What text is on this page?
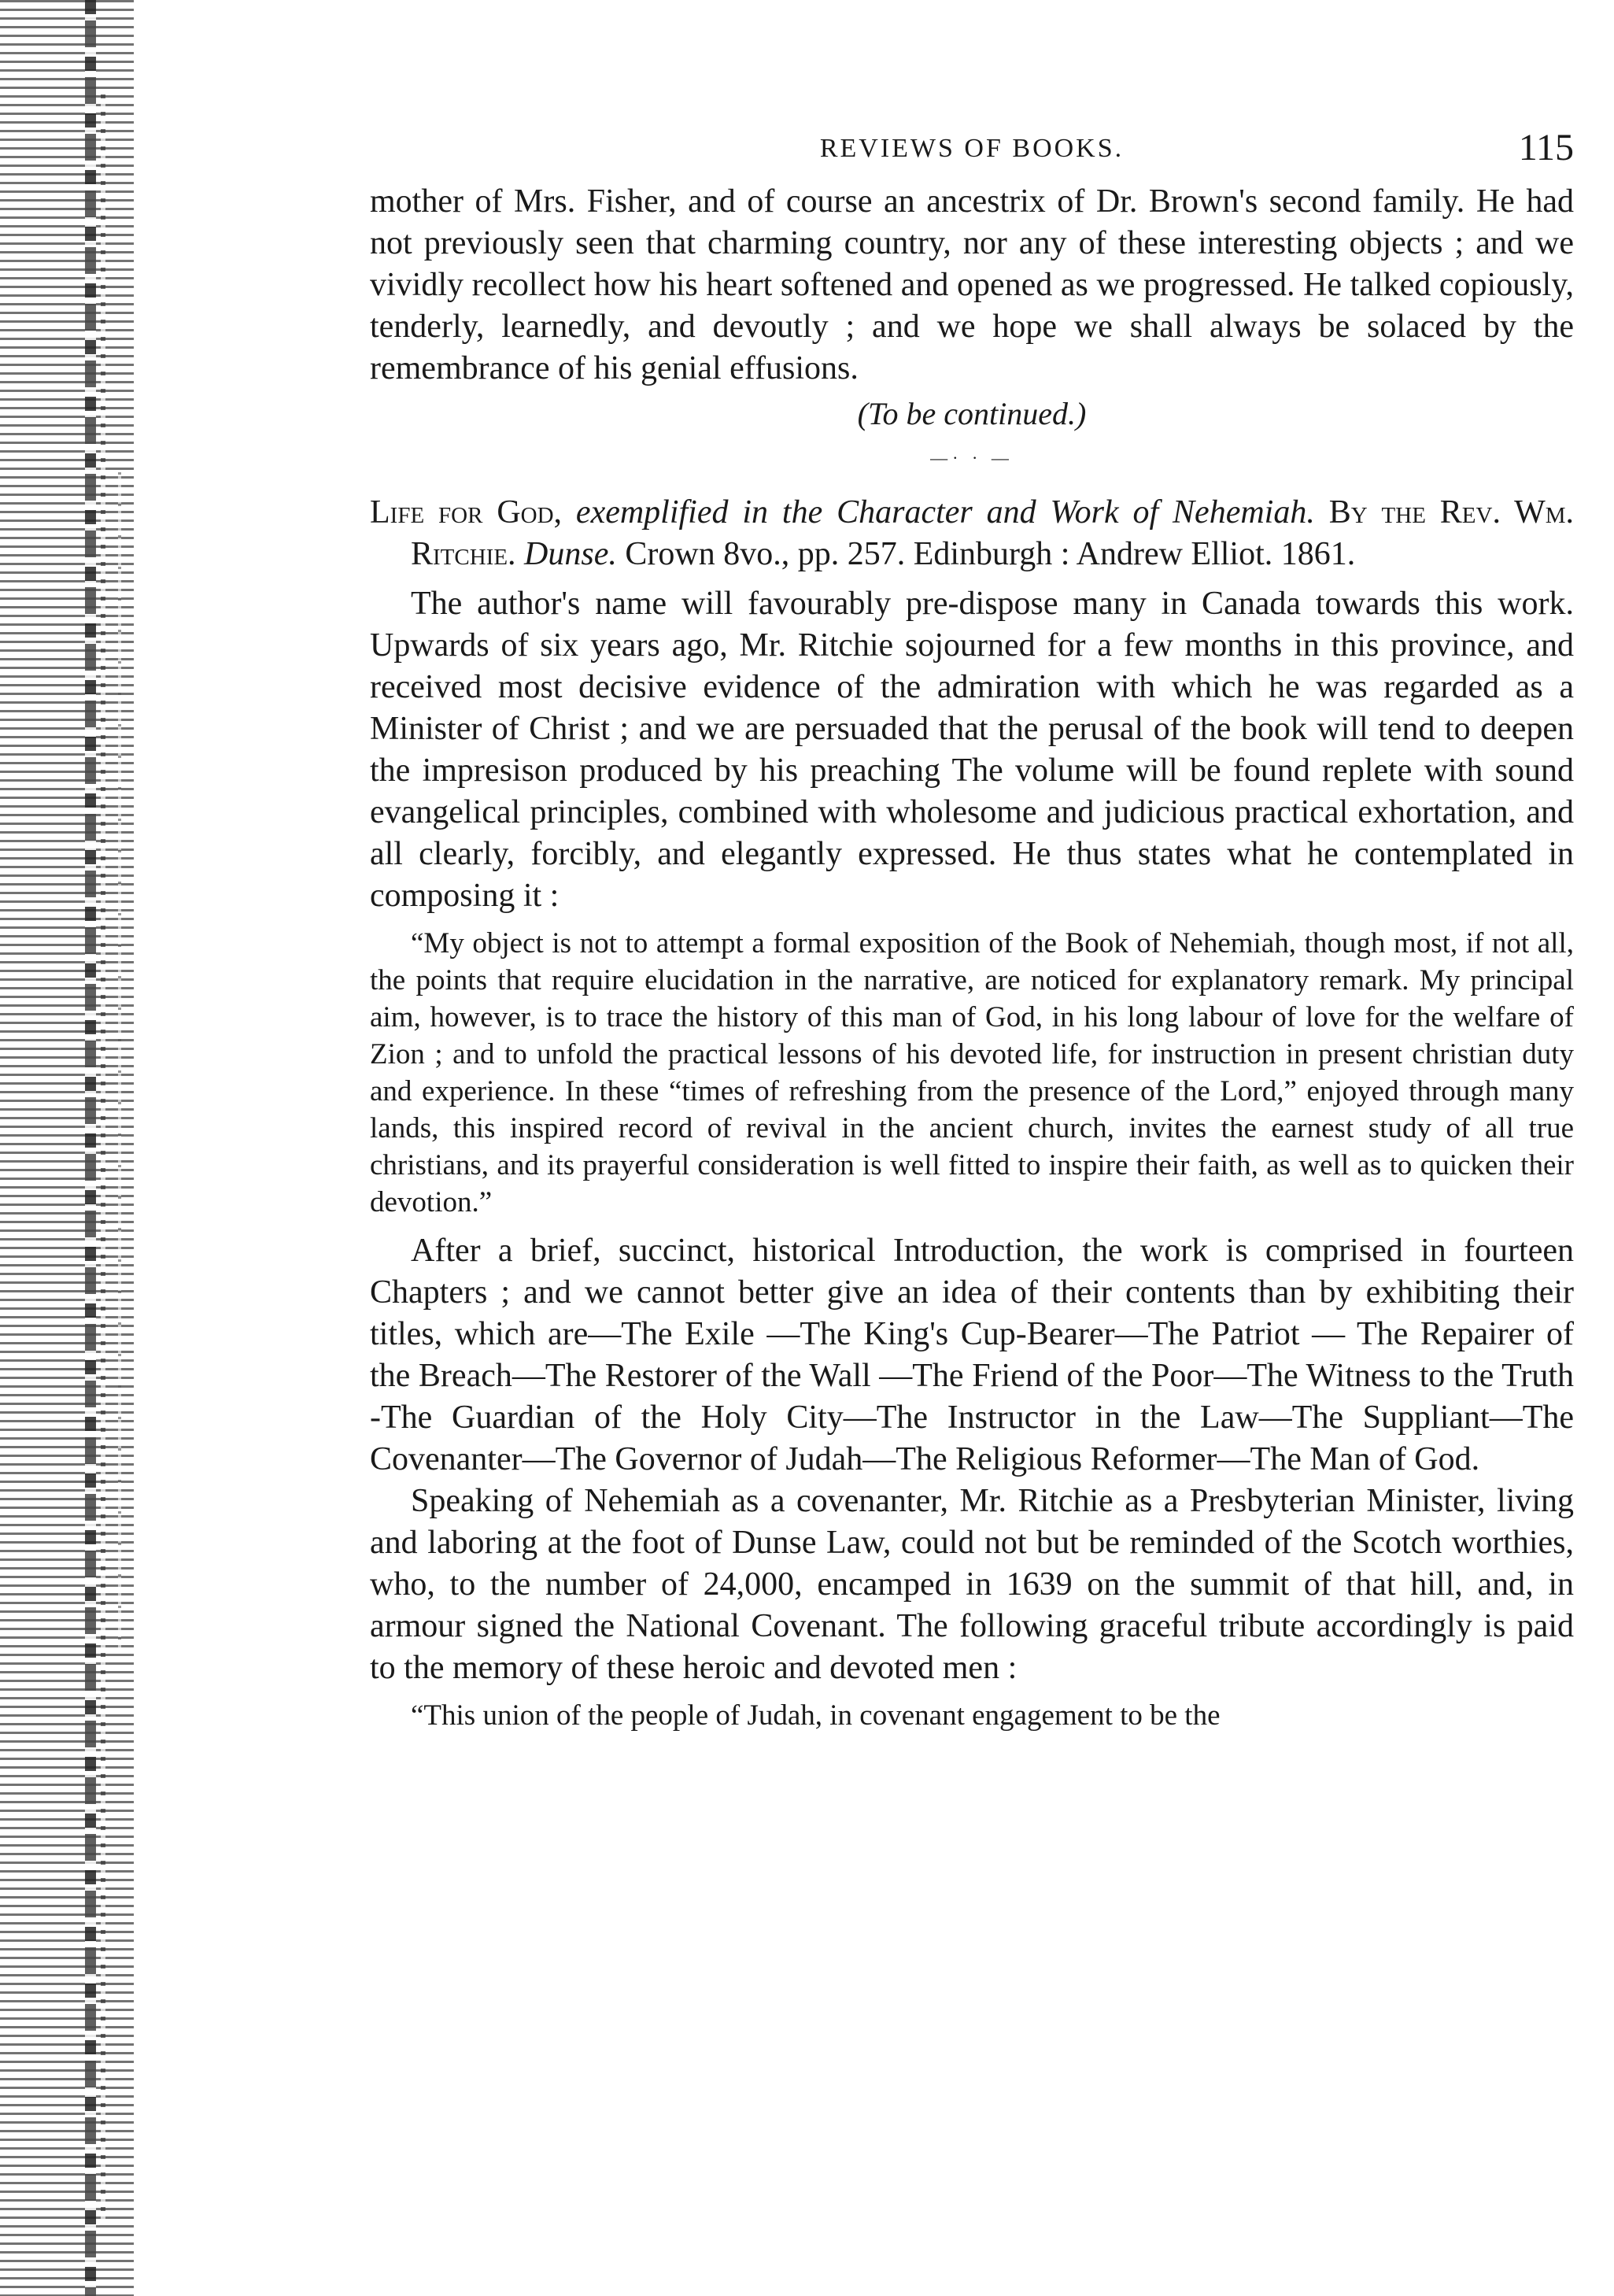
REVIEWS OF BOOKS.	115

mother of Mrs. Fisher, and of course an ancestrix of Dr. Brown's second family. He had not previously seen that charming country, nor any of these interesting objects ; and we vividly recollect how his heart softened and opened as we progressed. He talked copiously, tenderly, learnedly, and devoutly ; and we hope we shall always be solaced by the remembrance of his genial effusions.

(To be continued.)

—· · —

Life for God, exemplified in the Character and Work of Nehemiah. By the Rev. Wm. Ritchie. Dunse. Crown 8vo., pp. 257. Edinburgh : Andrew Elliot. 1861.

The author's name will favourably pre-dispose many in Canada towards this work. Upwards of six years ago, Mr. Ritchie sojourned for a few months in this province, and received most decisive evidence of the admiration with which he was regarded as a Minister of Christ ; and we are persuaded that the perusal of the book will tend to deepen the impresison produced by his preaching The volume will be found replete with sound evangelical principles, combined with wholesome and judicious practical exhortation, and all clearly, forcibly, and elegantly expressed. He thus states what he contemplated in composing it :

“My object is not to attempt a formal exposition of the Book of Nehemiah, though most, if not all, the points that require elucidation in the narrative, are noticed for explanatory remark. My principal aim, however, is to trace the history of this man of God, in his long labour of love for the welfare of Zion ; and to unfold the practical lessons of his devoted life, for instruction in present christian duty and experience. In these “times of refreshing from the presence of the Lord,” enjoyed through many lands, this inspired record of revival in the ancient church, invites the earnest study of all true christians, and its prayerful consideration is well fitted to inspire their faith, as well as to quicken their devotion.”

After a brief, succinct, historical Introduction, the work is comprised in fourteen Chapters ; and we cannot better give an idea of their contents than by exhibiting their titles, which are—The Exile —The King's Cup-Bearer—The Patriot — The Repairer of the Breach—The Restorer of the Wall —The Friend of the Poor—The Witness to the Truth -The Guardian of the Holy City—The Instructor in the Law—The Suppliant—The Covenanter—The Governor of Judah—The Religious Reformer—The Man of God.

Speaking of Nehemiah as a covenanter, Mr. Ritchie as a Presbyterian Minister, living and laboring at the foot of Dunse Law, could not but be reminded of the Scotch worthies, who, to the number of 24,000, encamped in 1639 on the summit of that hill, and, in armour signed the National Covenant. The following graceful tribute accordingly is paid to the memory of these heroic and devoted men :

“This union of the people of Judah, in covenant engagement to be the
